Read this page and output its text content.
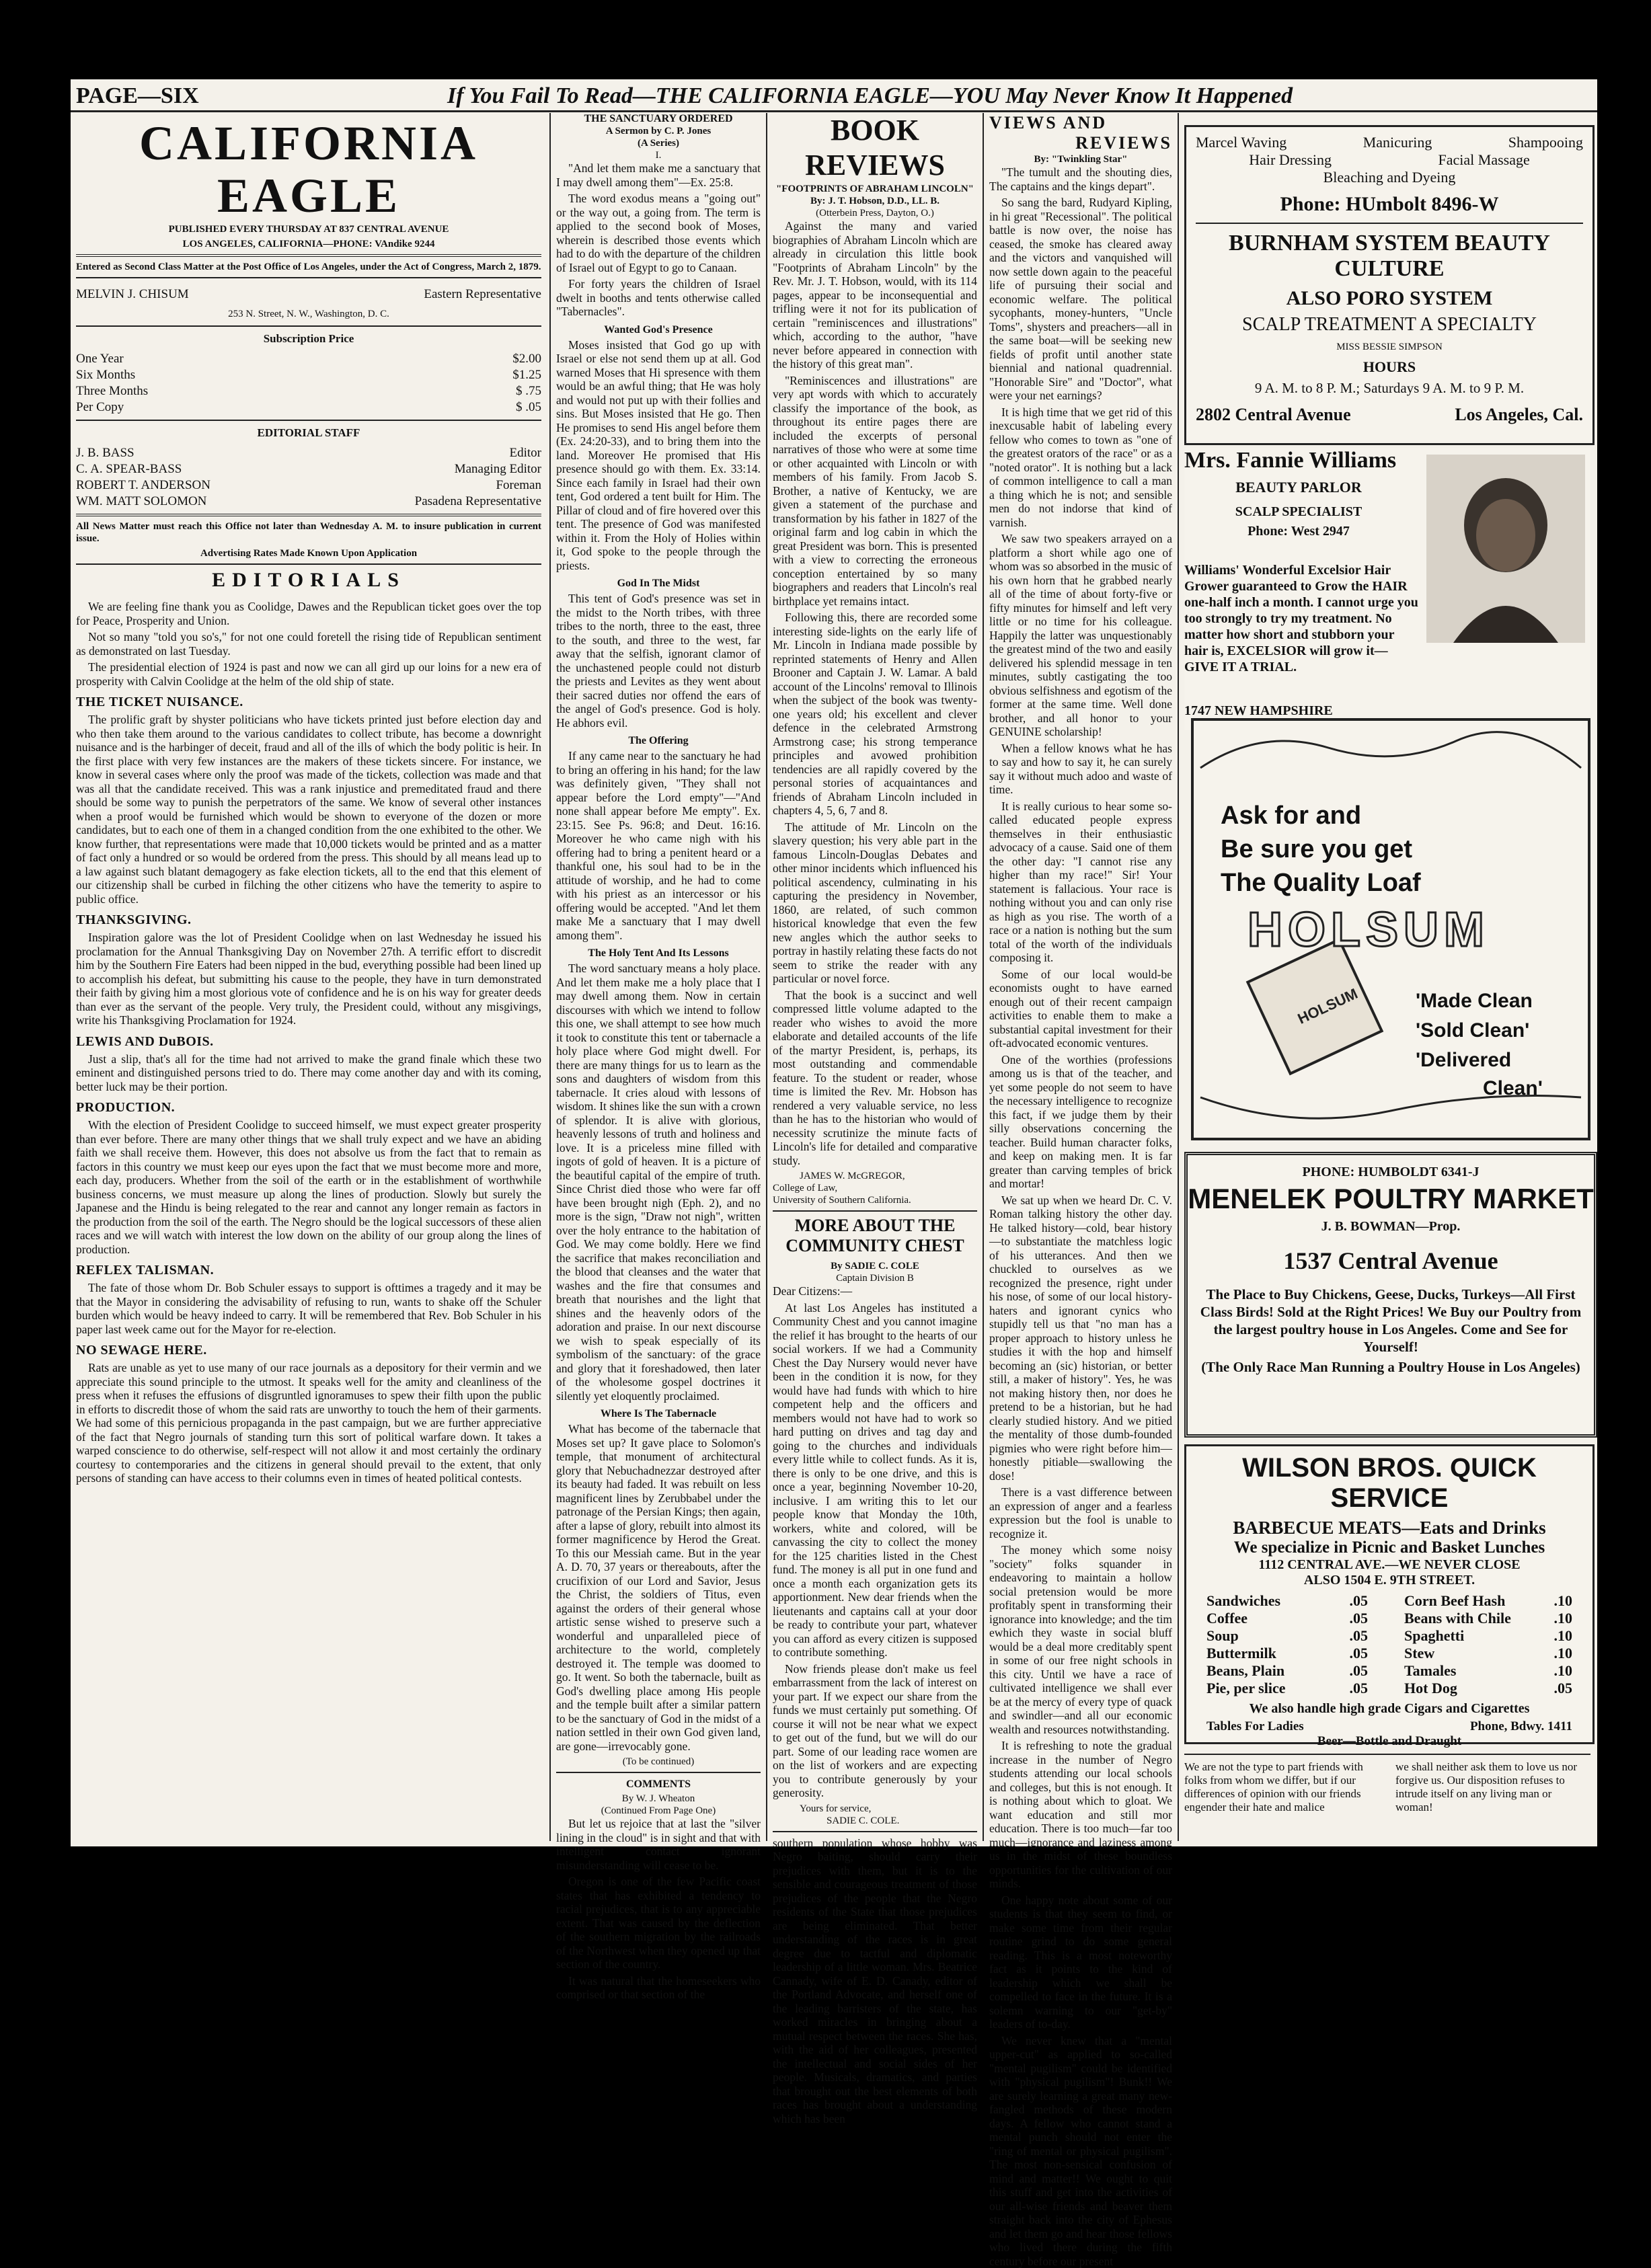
PAGE—SIX	If You Fail To Read—THE CALIFORNIA EAGLE—YOU May Never Know It Happened
CALIFORNIA EAGLE
PUBLISHED EVERY THURSDAY AT 837 CENTRAL AVENUE
LOS ANGELES, CALIFORNIA—PHONE: VAndike 9244
Entered as Second Class Matter at the Post Office of Los Angeles, under the Act of Congress, March 2, 1879.
MELVIN J. CHISUM	Eastern Representative
253 N. Street, N. W., Washington, D. C.
Subscription Price
One Year	$2.00
Six Months	$1.25
Three Months	$ .75
Per Copy	$ .05
EDITORIAL STAFF
J. B. BASS	Editor
C. A. SPEAR-BASS	Managing Editor
ROBERT T. ANDERSON	Foreman
WM. MATT SOLOMON	Pasadena Representative
All News Matter must reach this Office not later than Wednesday A. M. to insure publication in current issue.
Advertising Rates Made Known Upon Application
EDITORIALS

We are feeling fine thank you as Coolidge, Dawes and the Republican ticket goes over the top for Peace, Prosperity and Union.

Not so many "told you so's," for not one could foretell the rising tide of Republican sentiment as demonstrated on last Tuesday.

The presidential election of 1924 is past and now we can all gird up our loins for a new era of prosperity with Calvin Coolidge at the helm of the old ship of state.

THE TICKET NUISANCE.

The prolific graft by shyster politicians who have tickets printed just before election day and who then take them around to the various candidates to collect tribute, has become a downright nuisance and is the harbinger of deceit, fraud and all of the ills of which the body politic is heir. In the first place with very few instances are the makers of these tickets sincere. For instance, we know in several cases where only the proof was made of the tickets, collection was made and that was all that the candidate received. This was a rank injustice and premeditated fraud and there should be some way to punish the perpetrators of the same. We know of several other instances when a proof would be furnished which would be shown to everyone of the dozen or more candidates, but to each one of them in a changed condition from the one exhibited to the other. We know further, that representations were made that 10,000 tickets would be printed and as a matter of fact only a hundred or so would be ordered from the press. This should by all means lead up to a law against such blatant demagogery as fake election tickets, all to the end that this element of our citizenship shall be curbed in filching the other citizens who have the temerity to aspire to public office.

THANKSGIVING.

Inspiration galore was the lot of President Coolidge when on last Wednesday he issued his proclamation for the Annual Thanksgiving Day on November 27th. A terrific effort to discredit him by the Southern Fire Eaters had been nipped in the bud, everything possible had been lined up to accomplish his defeat, but submitting his cause to the people, they have in turn demonstrated their faith by giving him a most glorious vote of confidence and he is on his way for greater deeds than ever as the servant of the people. Very truly, the President could, without any misgivings, write his Thanksgiving Proclamation for 1924.

LEWIS AND DuBOIS.

Just a slip, that's all for the time had not arrived to make the grand finale which these two eminent and distinguished persons tried to do. There may come another day and with its coming, better luck may be their portion.

PRODUCTION.

With the election of President Coolidge to succeed himself, we must expect greater prosperity than ever before. There are many other things that we shall truly expect and we have an abiding faith we shall receive them. However, this does not absolve us from the fact that to remain as factors in this country we must keep our eyes upon the fact that we must become more and more, each day, producers. Whether from the soil of the earth or in the establishment of worthwhile business concerns, we must measure up along the lines of production. Slowly but surely the Japanese and the Hindu is being relegated to the rear and cannot any longer remain as factors in the production from the soil of the earth. The Negro should be the logical successors of these alien races and we will watch with interest the low down on the ability of our group along the lines of production.

REFLEX TALISMAN.

The fate of those whom Dr. Bob Schuler essays to support is ofttimes a tragedy and it may be that the Mayor in considering the advisability of refusing to run, wants to shake off the Schuler burden which would be heavy indeed to carry. It will be remembered that Rev. Bob Schuler in his paper last week came out for the Mayor for re-election.

NO SEWAGE HERE.

Rats are unable as yet to use many of our race journals as a depository for their vermin and we appreciate this sound principle to the utmost. It speaks well for the amity and cleanliness of the press when it refuses the effusions of disgruntled ignoramuses to spew their filth upon the public in efforts to discredit those of whom the said rats are unworthy to touch the hem of their garments. We had some of this pernicious propaganda in the past campaign, but we are further appreciative of the fact that Negro journals of standing turn this sort of political warfare down. It takes a warped conscience to do otherwise, self-respect will not allow it and most certainly the ordinary courtesy to contemporaries and the citizens in general should prevail to the extent, that only persons of standing can have access to their columns even in times of heated political contests.

THE SANCTUARY ORDERED
A Sermon by C. P. Jones
(A Series)
I.

"And let them make me a sanctuary that I may dwell among them"—Ex. 25:8.

The word exodus means a "going out" or the way out, a going from. The term is applied to the second book of Moses, wherein is described those events which had to do with the departure of the children of Israel out of Egypt to go to Canaan.

For forty years the children of Israel dwelt in booths and tents otherwise called "Tabernacles".

Wanted God's Presence

Moses insisted that God go up with Israel or else not send them up at all. God warned Moses that Hi spresence with them would be an awful thing; that He was holy and would not put up with their follies and sins. But Moses insisted that He go. Then He promises to send His angel before them (Ex. 24:20-33), and to bring them into the land. Moreover He promised that His presence should go with them. Ex. 33:14. Since each family in Israel had their own tent, God ordered a tent built for Him. The Pillar of cloud and of fire hovered over this tent. The presence of God was manifested within it. From the Holy of Holies within it, God spoke to the people through the priests.

God In The Midst

This tent of God's presence was set in the midst to the North tribes, with three tribes to the north, three to the east, three to the south, and three to the west, far away that the selfish, ignorant clamor of the unchastened people could not disturb the priests and Levites as they went about their sacred duties nor offend the ears of the angel of God's presence. God is holy. He abhors evil.

The Offering

If any came near to the sanctuary he had to bring an offering in his hand; for the law was definitely given, "They shall not appear before the Lord empty"—"And none shall appear before Me empty". Ex. 23:15. See Ps. 96:8; and Deut. 16:16. Moreover he who came nigh with his offering had to bring a penitent heard or a thankful one, his soul had to be in the attitude of worship, and he had to come with his priest as an intercessor or his offering would be accepted. "And let them make Me a sanctuary that I may dwell among them".

The Holy Tent And Its Lessons

The word sanctuary means a holy place. And let them make me a holy place that I may dwell among them. Now in certain discourses with which we intend to follow this one, we shall attempt to see how much it took to constitute this tent or tabernacle a holy place where God might dwell. For there are many things for us to learn as the sons and daughters of wisdom from this tabernacle. It cries aloud with lessons of wisdom. It shines like the sun with a crown of splendor. It is alive with glorious, heavenly lessons of truth and holiness and love. It is a priceless mine filled with ingots of gold of heaven. It is a picture of the beautiful capital of the empire of truth. Since Christ died those who were far off have been brought nigh (Eph. 2), and no more is the sign, "Draw not nigh", written over the holy entrance to the habitation of God. We may come boldly. Here we find the sacrifice that makes reconciliation and the blood that cleanses and the water that washes and the fire that consumes and breath that nourishes and the light that shines and the heavenly odors of the adoration and praise. In our next discourse we wish to speak especially of its symbolism of the sanctuary: of the grace and glory that it foreshadowed, then later of the wholesome gospel doctrines it silently yet eloquently proclaimed.

Where Is The Tabernacle

What has become of the tabernacle that Moses set up? It gave place to Solomon's temple, that monument of architectural glory that Nebuchadnezzar destroyed after its beauty had faded. It was rebuilt on less magnificent lines by Zerubbabel under the patronage of the Persian Kings; then again, after a lapse of glory, rebuilt into almost its former magnificence by Herod the Great. To this our Messiah came. But in the year A. D. 70, 37 years or thereabouts, after the crucifixion of our Lord and Savior, Jesus the Christ, the soldiers of Titus, even against the orders of their general whose artistic sense wished to preserve such a wonderful and unparalleled piece of architecture to the world, completely destroyed it. The temple was doomed to go. It went. So both the tabernacle, built as God's dwelling place among His people and the temple built after a similar pattern to be the sanctuary of God in the midst of a nation settled in their own God given land, are gone—irrevocably gone.

(To be continued)
COMMENTS
By W. J. Wheaton
(Continued From Page One)

But let us rejoice that at last the "silver lining in the cloud" is in sight and that with intelligent contact ignorant misunderstanding will cease to be.

Oregon is one of the few Pacific coast states that has exhibited a tendency to racial prejudices, that is to any appreciable extent. That was caused by the deflection of the southern migration by the railroads of the Northwest when they opened up that section of the country.

It was natural that the homeseekers who comprised or that section of the

BOOK REVIEWS
"FOOTPRINTS OF ABRAHAM LINCOLN"
By: J. T. Hobson, D.D., LL. B.
(Otterbein Press, Dayton, O.)

Against the many and varied biographies of Abraham Lincoln which are already in circulation this little book "Footprints of Abraham Lincoln" by the Rev. Mr. J. T. Hobson, would, with its 114 pages, appear to be inconsequential and trifling were it not for its publication of certain "reminiscences and illustrations" which, according to the author, "have never before appeared in connection with the history of this great man".

"Reminiscences and illustrations" are very apt words with which to accurately classify the importance of the book, as throughout its entire pages there are included the excerpts of personal narratives of those who were at some time or other acquainted with Lincoln or with members of his family. From Jacob S. Brother, a native of Kentucky, we are given a statement of the purchase and transformation by his father in 1827 of the original farm and log cabin in which the great President was born. This is presented with a view to correcting the erroneous conception entertained by so many biographers and readers that Lincoln's real birthplace yet remains intact.

Following this, there are recorded some interesting side-lights on the early life of Mr. Lincoln in Indiana made possible by reprinted statements of Henry and Allen Brooner and Captain J. W. Lamar. A bald account of the Lincolns' removal to Illinois when the subject of the book was twenty-one years old; his excellent and clever defence in the celebrated Armstrong Armstrong case; his strong temperance principles and avowed prohibition tendencies are all rapidly covered by the personal stories of acquaintances and friends of Abraham Lincoln included in chapters 4, 5, 6, 7 and 8.

The attitude of Mr. Lincoln on the slavery question; his very able part in the famous Lincoln-Douglas Debates and other minor incidents which influenced his political ascendency, culminating in his capturing the presidency in November, 1860, are related, of such common historical knowledge that even the few new angles which the author seeks to portray in hastily relating these facts do not seem to strike the reader with any particular or novel force.

That the book is a succinct and well compressed little volume adapted to the reader who wishes to avoid the more elaborate and detailed accounts of the life of the martyr President, is, perhaps, its most outstanding and commendable feature. To the student or reader, whose time is limited the Rev. Mr. Hobson has rendered a very valuable service, no less than he has to the historian who would of necessity scrutinize the minute facts of Lincoln's life for detailed and comparative study.

JAMES W. McGREGOR,
College of Law,
University of Southern California.
MORE ABOUT THE COMMUNITY CHEST
By SADIE C. COLE
Captain Division B
Dear Citizens:—

At last Los Angeles has instituted a Community Chest and you cannot imagine the relief it has brought to the hearts of our social workers. If we had a Community Chest the Day Nursery would never have been in the condition it is now, for they would have had funds with which to hire competent help and the officers and members would not have had to work so hard putting on drives and tag day and going to the churches and individuals every little while to collect funds. As it is, there is only to be one drive, and this is once a year, beginning November 10-20, inclusive. I am writing this to let our people know that Monday the 10th, workers, white and colored, will be canvassing the city to collect the money for the 125 charities listed in the Chest fund. The money is all put in one fund and once a month each organization gets its apportionment. New dear friends when the lieutenants and captains call at your door be ready to contribute your part, whatever you can afford as every citizen is supposed to contribute something.

Now friends please don't make us feel embarrassment from the lack of interest on your part. If we expect our share from the funds we must certainly put something. Of course it will not be near what we expect to get out of the fund, but we will do our part. Some of our leading race women are on the list of workers and are expecting you to contribute generously by your generosity.

Yours for service,
SADIE C. COLE.
southern population whose hobby was Negro baiting, should carry their prejudices with them, but it is to the sensible and courageous treatment of those prejudices of the people that the Negro residents of the State that those prejudices are being eliminated. That better understanding of the races is in great degree due to tactful and diplomatic leadership of a little woman. Mrs. Beatrice Cannady, wife of E. D. Canady, editor of the Portland Advocate, and herself one of the leading barristers of the state, has worked miracles in bringing about a mutual respect between the races. She has, with the aid of her colleagues, presented the intellectual and social sides of her people. Musicals, dramatics, and parties that brought out the best elements of both races has brought about a understanding which has been
VIEWS AND
REVIEWS
By: "Twinkling Star"

"The tumult and the shouting dies, The captains and the kings depart".

So sang the bard, Rudyard Kipling, in hi great "Recessional". The political battle is now over, the noise has ceased, the smoke has cleared away and the victors and vanquished will now settle down again to the peaceful life of pursuing their social and economic welfare. The political sycophants, money-hunters, "Uncle Toms", shysters and preachers—all in the same boat—will be seeking new fields of profit until another state biennial and national quadrennial. "Honorable Sire" and "Doctor", what were your net earnings?

It is high time that we get rid of this inexcusable habit of labeling every fellow who comes to town as "one of the greatest orators of the race" or as a "noted orator". It is nothing but a lack of common intelligence to call a man a thing which he is not; and sensible men do not indorse that kind of varnish.

We saw two speakers arrayed on a platform a short while ago one of whom was so absorbed in the music of his own horn that he grabbed nearly all of the time of about forty-five or fifty minutes for himself and left very little or no time for his colleague. Happily the latter was unquestionably the greatest mind of the two and easily delivered his splendid message in ten minutes, subtly castigating the too obvious selfishness and egotism of the former at the same time. Well done brother, and all honor to your GENUINE scholarship!

When a fellow knows what he has to say and how to say it, he can surely say it without much adoo and waste of time.

It is really curious to hear some so-called educated people express themselves in their enthusiastic advocacy of a cause. Said one of them the other day: "I cannot rise any higher than my race!" Sir! Your statement is fallacious. Your race is nothing without you and can only rise as high as you rise. The worth of a race or a nation is nothing but the sum total of the worth of the individuals composing it.

Some of our local would-be economists ought to have earned enough out of their recent campaign activities to enable them to make a substantial capital investment for their oft-advocated economic ventures.

One of the worthies (professions among us is that of the teacher, and yet some people do not seem to have the necessary intelligence to recognize this fact, if we judge them by their silly observations concerning the teacher. Build human character folks, and keep on making men. It is far greater than carving temples of brick and mortar!

We sat up when we heard Dr. C. V. Roman talking history the other day. He talked history—cold, bear history—to substantiate the matchless logic of his utterances. And then we chuckled to ourselves as we recognized the presence, right under his nose, of some of our local history-haters and ignorant cynics who stupidly tell us that "no man has a proper approach to history unless he studies it with the hop and himself becoming an (sic) historian, or better still, a maker of history". Yes, he was not making history then, nor does he pretend to be a historian, but he had clearly studied history. And we pitied the mentality of those dumb-founded pigmies who were right before him—honestly pitiable—swallowing the dose!

There is a vast difference between an expression of anger and a fearless expression but the fool is unable to recognize it.

The money which some noisy "society" folks squander in endeavoring to maintain a hollow social pretension would be more profitably spent in transforming their ignorance into knowledge; and the tim ewhich they waste in social bluff would be a deal more creditably spent in some of our free night schools in this city. Until we have a race of cultivated intelligence we shall ever be at the mercy of every type of quack and swindler—and all our economic wealth and resources notwithstanding.

It is refreshing to note the gradual increase in the number of Negro students attending our local schools and colleges, but this is not enough. It is nothing about which to gloat. We want education and still mor education. There is too much—far too much—ignorance and laziness among us in the midst of these boundless opportunities for the cultivation of our minds.

One happy note about some of our students is that they seem to find, or make some time from their regular routine grind to do some general reading. This is a most noteworthy fact as it points to the kind of leadership which we shall be compelled to face in the future. It is a solemn warning to our "get-by" leaders of to-day.

We never knew that a "mental upper-cut" as applied to so-called "mental pugilism" could be identified with "physical pugilism"! Bunk!! We are surely learning a great many new-fangled methods of these modern days. A fellow who cannot stand a mental punch should not enter the "ring of mental or physical pugilism". The most non-sensical confusion of mind and matter!! We ought to quit this stuff and get into the activities of our all-wise friends and beaver them straight back into the city of Ephesus and let them go and hear those fellows who lived there during the fifth century before our present

Marcel Waving	Manicuring	Shampooing
Hair Dressing	Facial Massage
Bleaching and Dyeing
Phone: HUmbolt 8496-W
BURNHAM SYSTEM BEAUTY CULTURE
ALSO PORO SYSTEM
SCALP TREATMENT A SPECIALTY
MISS BESSIE SIMPSON
HOURS
9 A. M. to 8 P. M.; Saturdays 9 A. M. to 9 P. M.
2802 Central Avenue	Los Angeles, Cal.
Mrs. Fannie Williams
BEAUTY PARLOR
SCALP SPECIALIST
Phone: West 2947
Williams' Wonderful Excelsior Hair Grower guaranteed to Grow the HAIR one-half inch a month. I cannot urge you too strongly to try my treatment. No matter how short and stubborn your hair is, EXCELSIOR will grow it—GIVE IT A TRIAL.
1747 NEW HAMPSHIRE
HOLSUM
Ask for and
Be sure you get
The Quality Loaf
HOLSUM
'Made Clean
'Sold Clean'
'Delivered
Clean'
PHONE: HUMBOLDT 6341-J
MENELEK POULTRY MARKET
J. B. BOWMAN—Prop.
1537 Central Avenue
The Place to Buy Chickens, Geese, Ducks, Turkeys—All First Class Birds! Sold at the Right Prices! We Buy our Poultry from the largest poultry house in Los Angeles. Come and See for Yourself!
(The Only Race Man Running a Poultry House in Los Angeles)
WILSON BROS. QUICK SERVICE
BARBECUE MEATS—Eats and Drinks
We specialize in Picnic and Basket Lunches
1112 CENTRAL AVE.—WE NEVER CLOSE
ALSO 1504 E. 9TH STREET.
Sandwiches	.05
Coffee	.05
Soup	.05
Buttermilk	.05
Beans, Plain	.05
Pie, per slice	.05
Corn Beef Hash	.10
Beans with Chile	.10
Spaghetti	.10
Stew	.10
Tamales	.10
Hot Dog	.05
We also handle high grade Cigars and Cigarettes
Tables For Ladies	Phone, Bdwy. 1411
Beer—Bottle and Draught
We are not the type to part friends with folks from whom we differ, but if our differences of opinion with our friends engender their hate and malice
we shall neither ask them to love us nor forgive us. Our disposition refuses to intrude itself on any living man or woman!
